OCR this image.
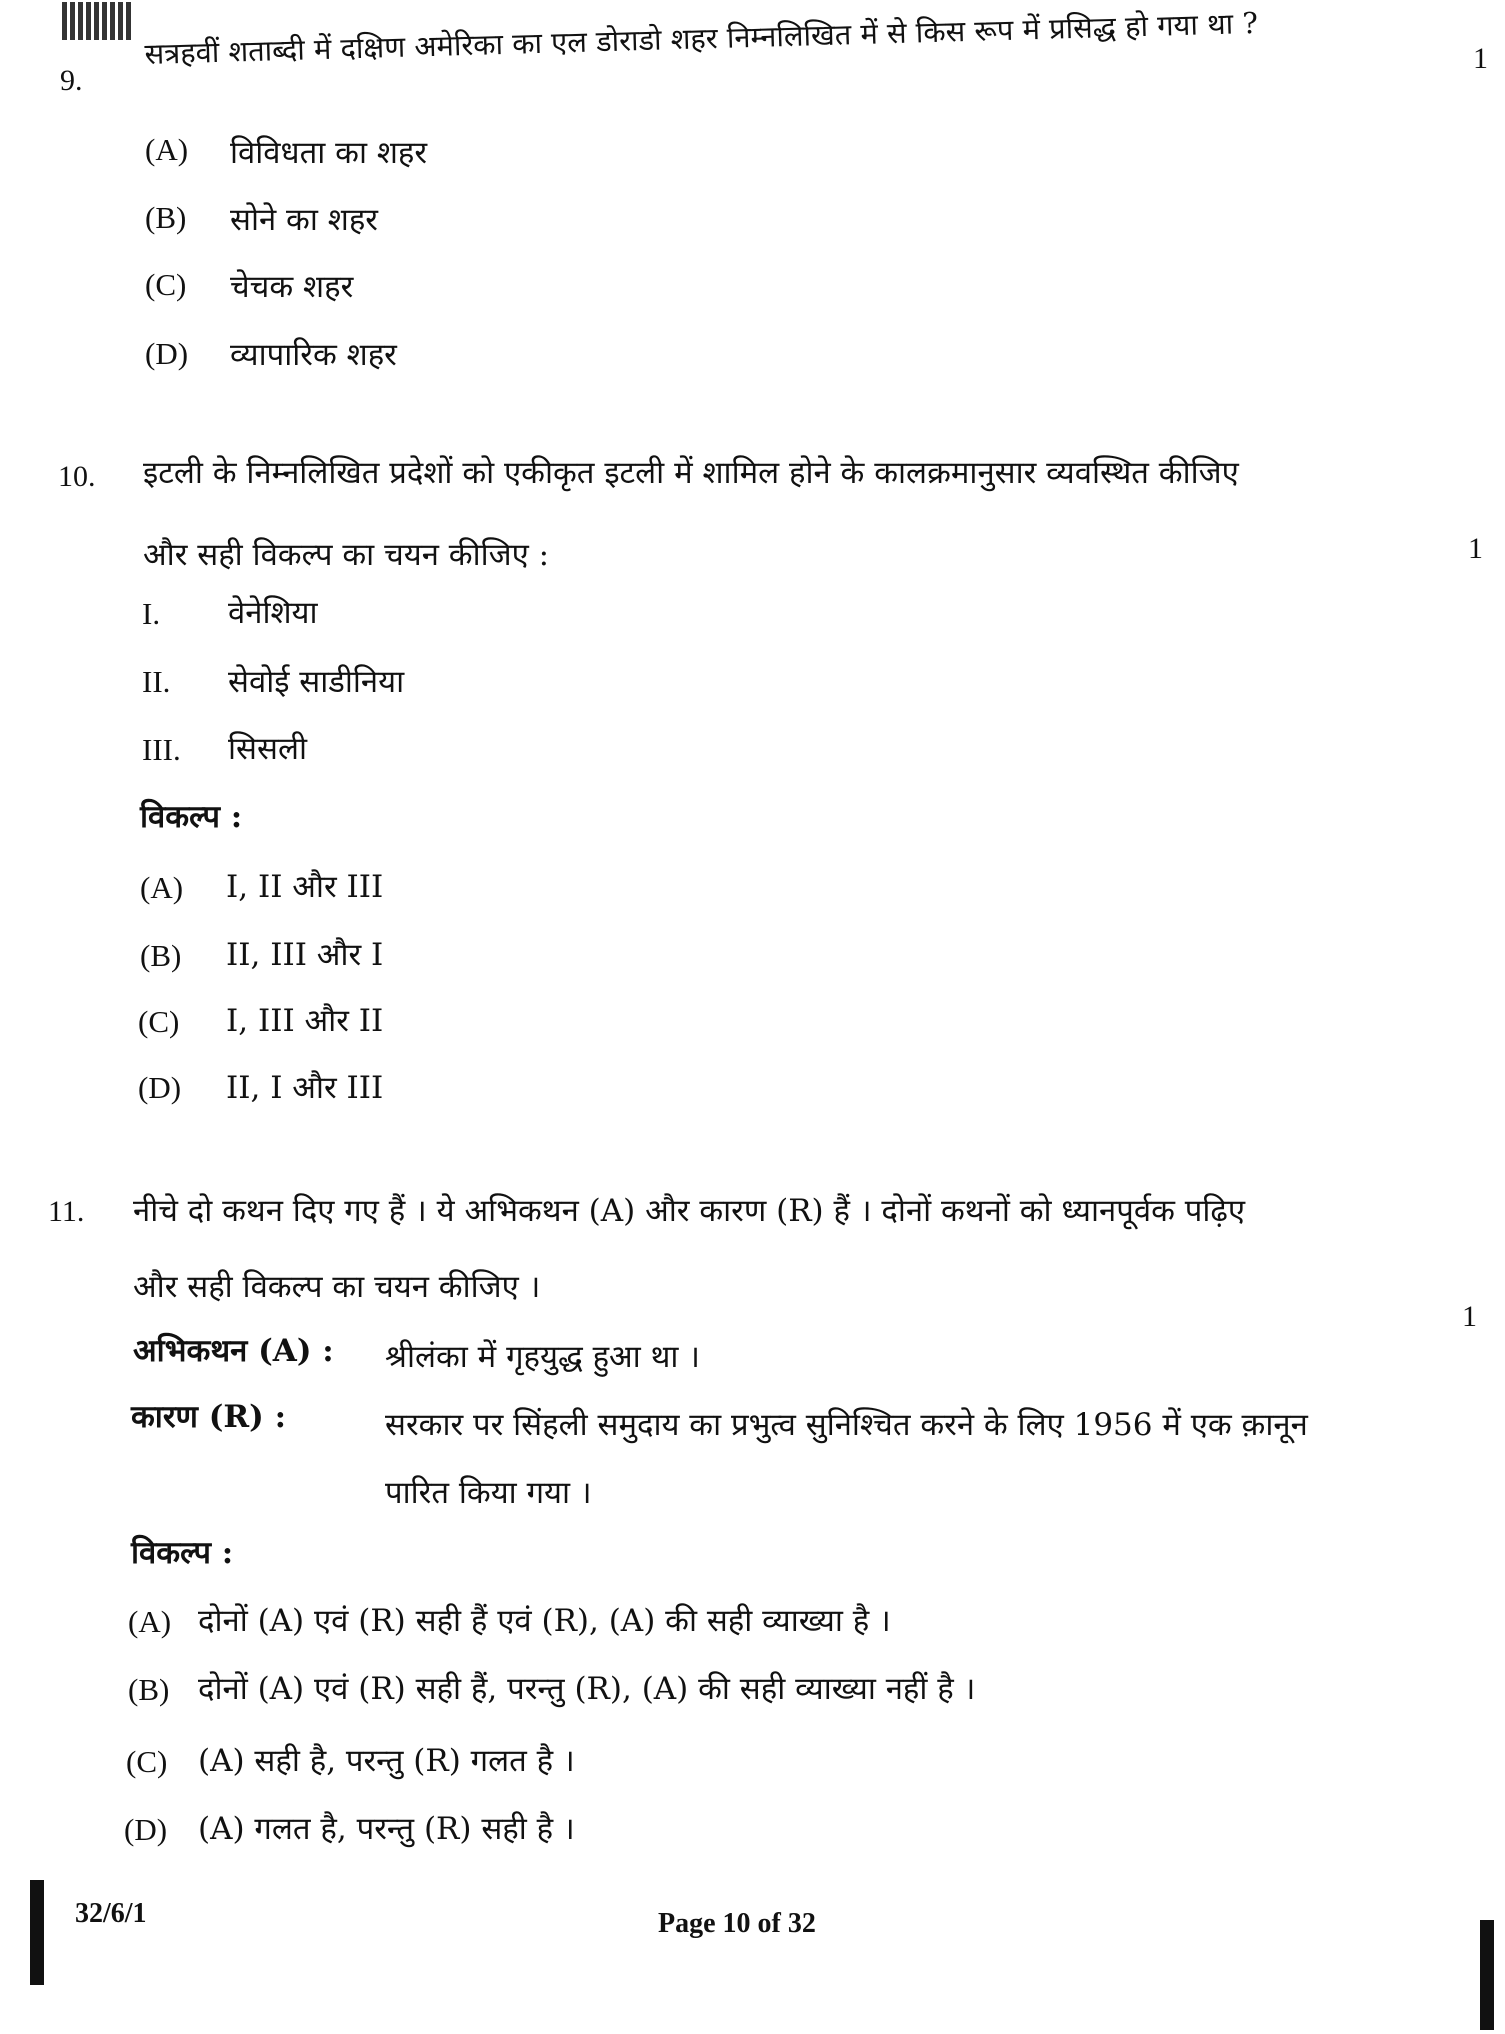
9.
सत्रहवीं शताब्दी में दक्षिण अमेरिका का एल डोराडो शहर निम्नलिखित में से किस रूप में प्रसिद्ध हो गया था ?	1
(A) विविधता का शहर
(B) सोने का शहर
(C) चेचक शहर
(D) व्यापारिक शहर
10. इटली के निम्नलिखित प्रदेशों को एकीकृत इटली में शामिल होने के कालक्रमानुसार व्यवस्थित कीजिए
और सही विकल्प का चयन कीजिए :	1
I. वेनेशिया
II. सेवोई साडीनिया
III. सिसली
विकल्प :
(A) I, II और III
(B) II, III और I
(C) I, III और II
(D) II, I और III
11. नीचे दो कथन दिए गए हैं । ये अभिकथन (A) और कारण (R) हैं । दोनों कथनों को ध्यानपूर्वक पढ़िए
और सही विकल्प का चयन कीजिए ।
1
अभिकथन (A) : श्रीलंका में गृहयुद्ध हुआ था ।
कारण (R) :	सरकार पर सिंहली समुदाय का प्रभुत्व सुनिश्चित करने के लिए 1956 में एक क़ानून
पारित किया गया ।
विकल्प :
(A) दोनों (A) एवं (R) सही हैं एवं (R), (A) की सही व्याख्या है ।
(B) दोनों (A) एवं (R) सही हैं, परन्तु (R), (A) की सही व्याख्या नहीं है ।
(C) (A) सही है, परन्तु (R) गलत है ।
(D) (A) गलत है, परन्तु (R) सही है ।
32/6/1	Page 10 of 32
